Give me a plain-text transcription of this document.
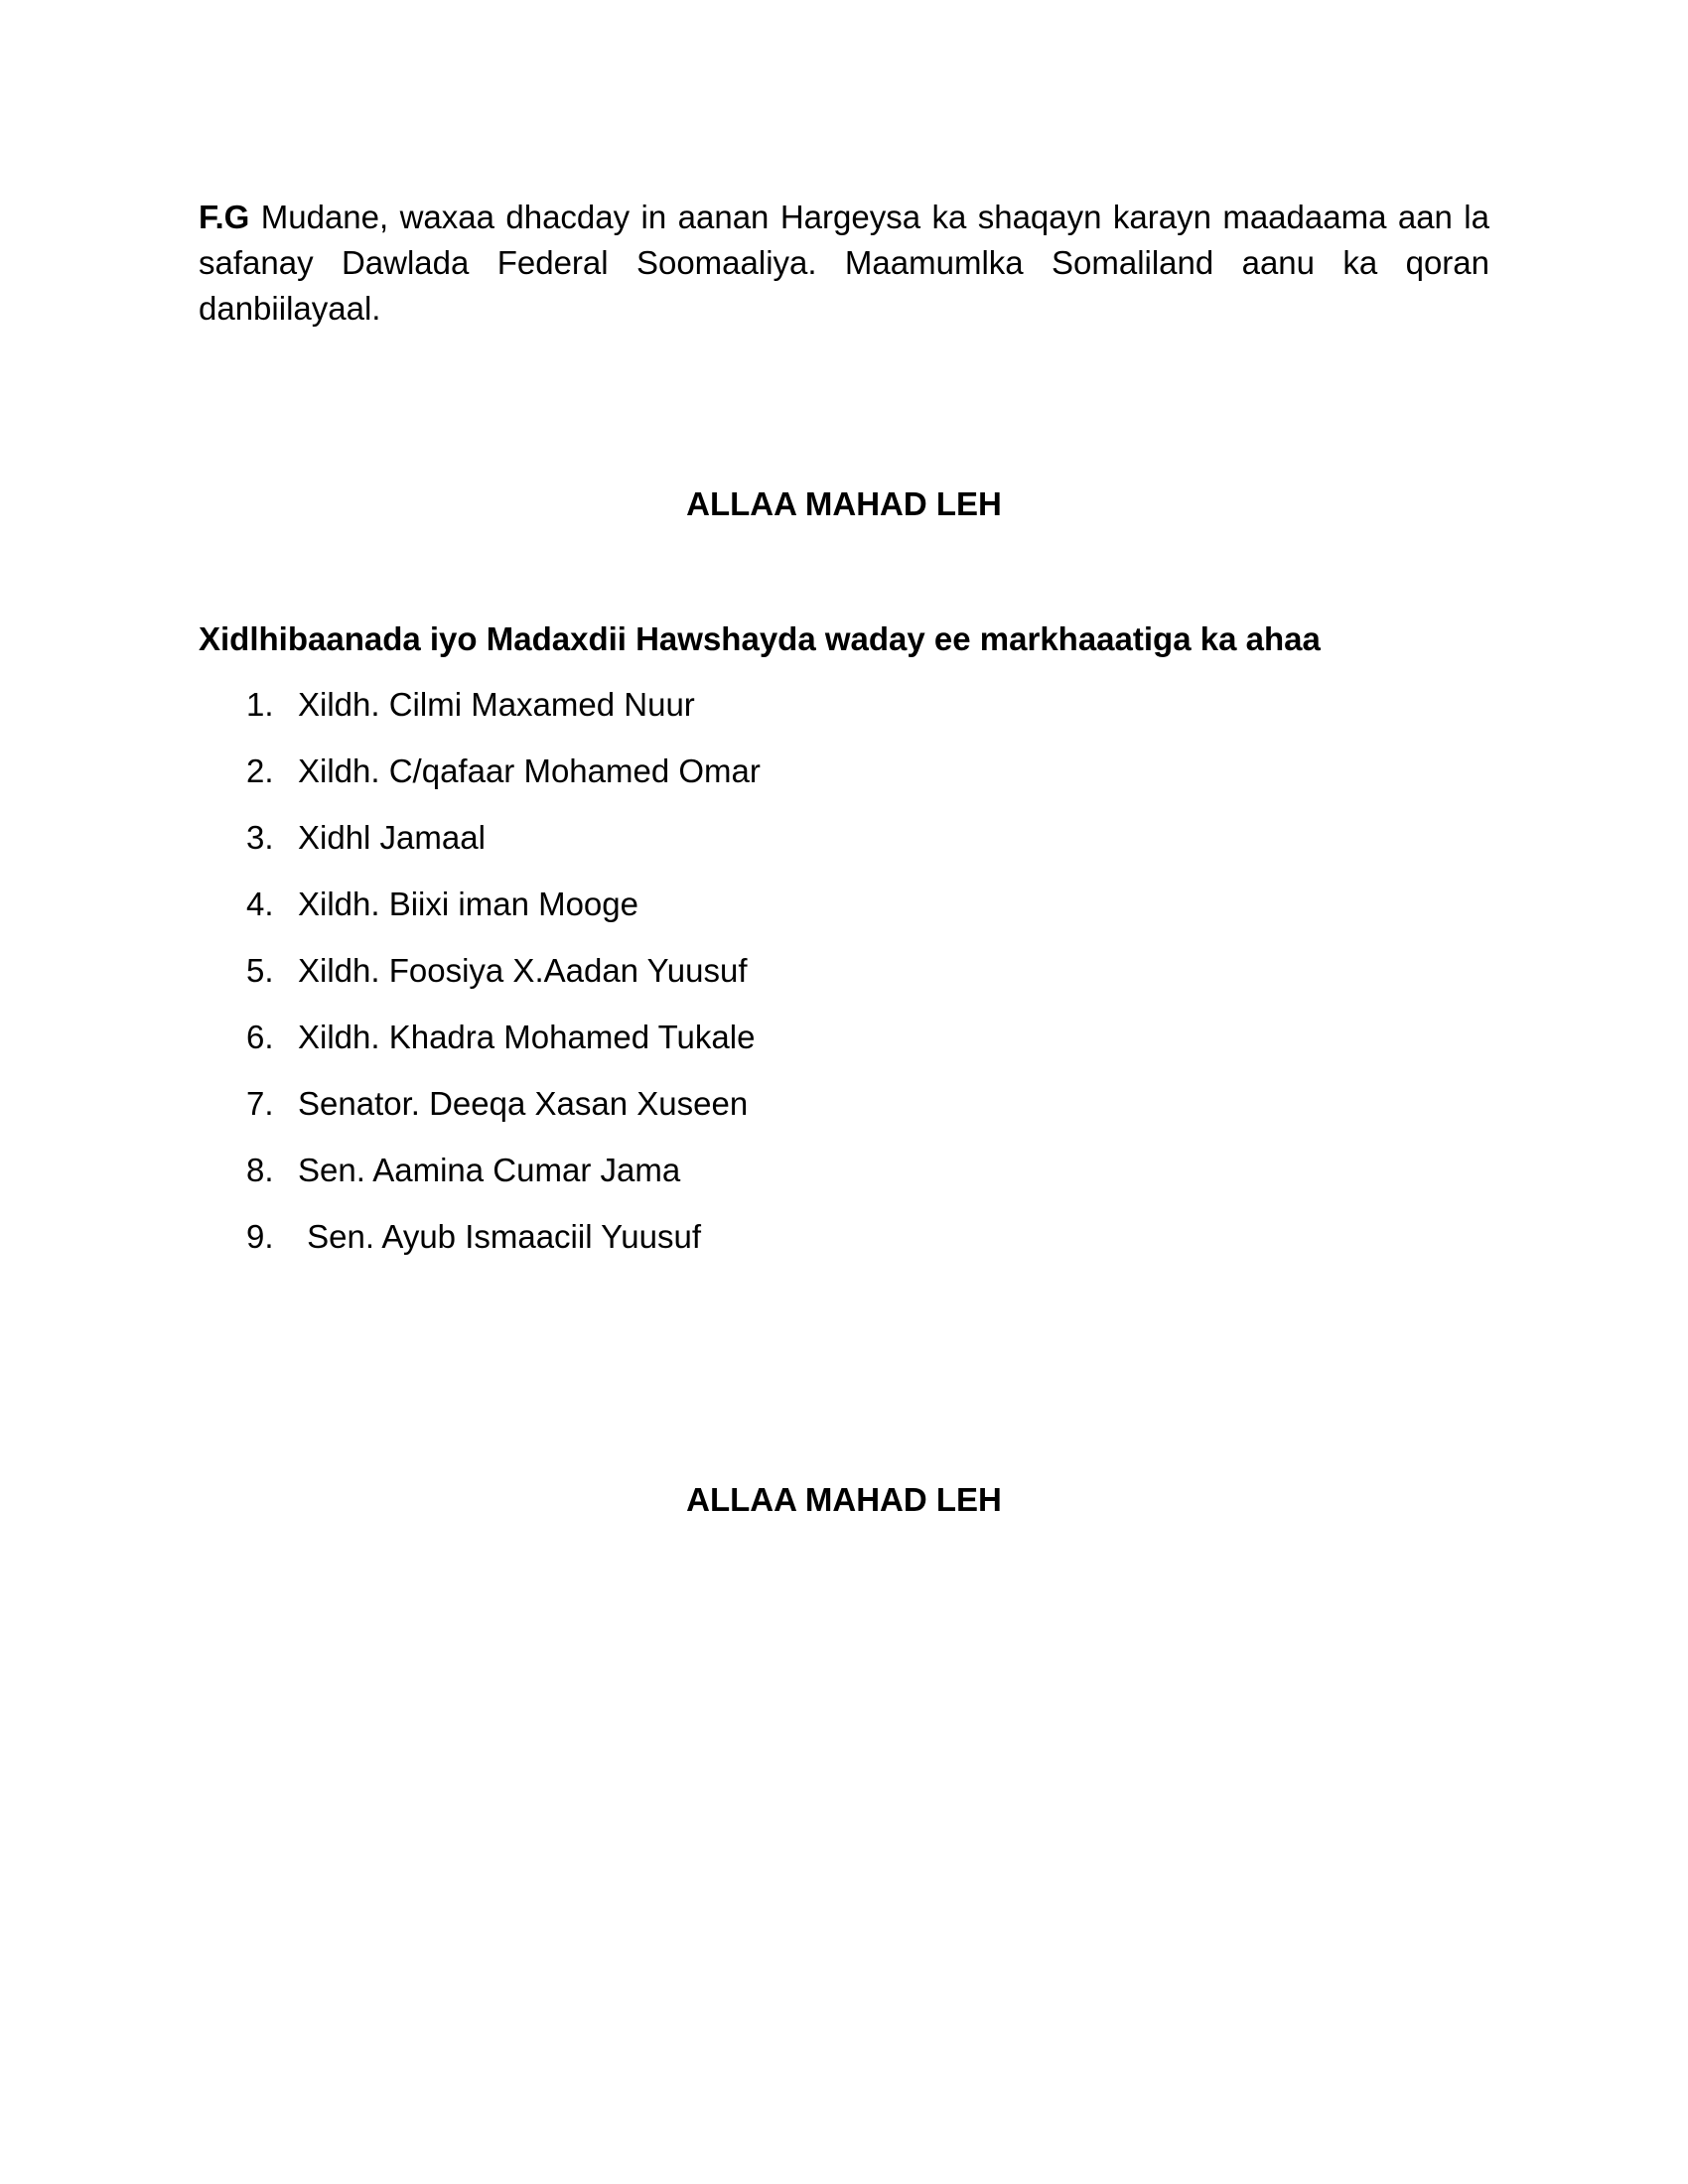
F.G Mudane, waxaa dhacday in aanan Hargeysa ka shaqayn karayn maadaama aan la safanay Dawlada Federal Soomaaliya. Maamumlka Somaliland aanu ka qoran danbiilayaal.

ALLAA MAHAD LEH

Xidlhibaanada iyo Madaxdii Hawshayda waday ee markhaaatiga ka ahaa

1. Xildh. Cilmi Maxamed Nuur
2. Xildh. C/qafaar Mohamed Omar
3. Xidhl Jamaal
4. Xildh. Biixi iman Mooge
5. Xildh. Foosiya X.Aadan Yuusuf
6. Xildh. Khadra Mohamed Tukale
7. Senator. Deeqa Xasan Xuseen
8. Sen. Aamina Cumar Jama
9. Sen. Ayub Ismaaciil Yuusuf

ALLAA MAHAD LEH
